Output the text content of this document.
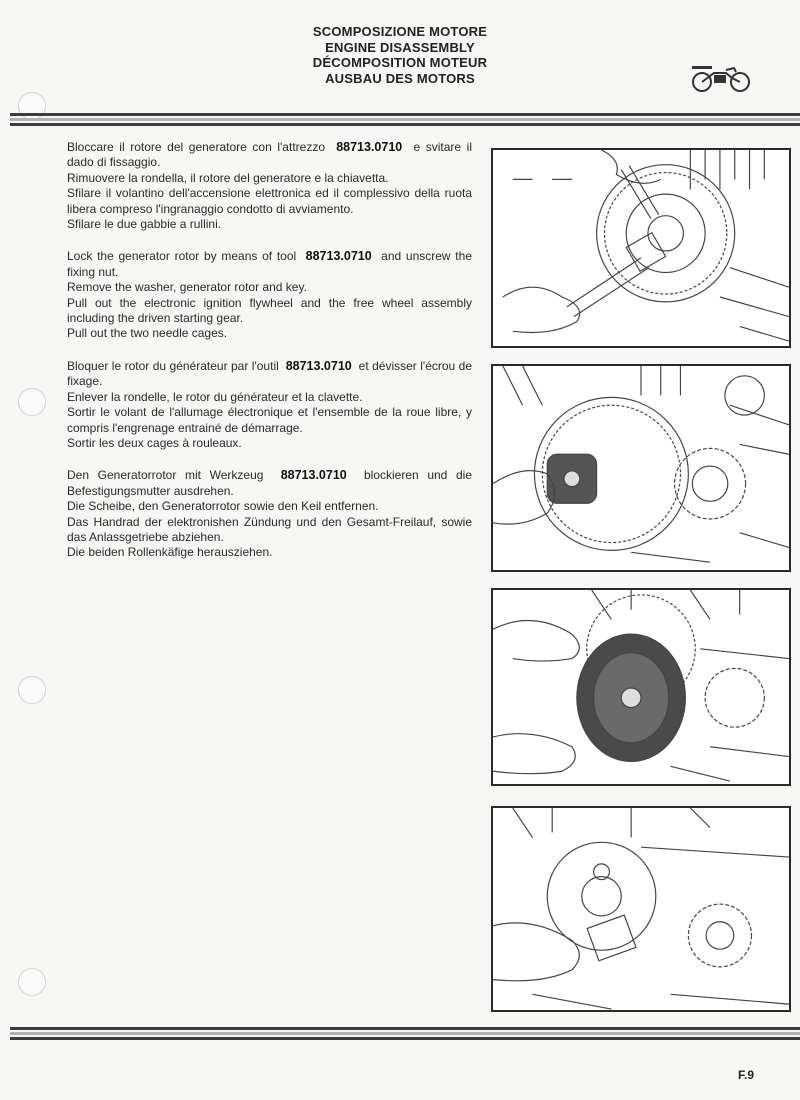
SCOMPOSIZIONE MOTORE
ENGINE DISASSEMBLY
DÉCOMPOSITION MOTEUR
AUSBAU DES MOTORS

Bloccare il rotore del generatore con l'attrezzo 88713.0710 e svitare il dado di fissaggio.
Rimuovere la rondella, il rotore del generatore e la chiavetta.
Sfilare il volantino dell'accensione elettronica ed il complessivo della ruota libera compreso l'ingranaggio condotto di avviamento.
Sfilare le due gabbie a rullini.

Lock the generator rotor by means of tool 88713.0710 and unscrew the fixing nut.
Remove the washer, generator rotor and key.
Pull out the electronic ignition flywheel and the free wheel assembly including the driven starting gear.
Pull out the two needle cages.

Bloquer le rotor du générateur par l'outil 88713.0710 et dévisser l'écrou de fixage.
Enlever la rondelle, le rotor du générateur et la clavette.
Sortir le volant de l'allumage électronique et l'ensemble de la roue libre, y compris l'engrenage entrainé de démarrage.
Sortir les deux cages à rouleaux.

Den Generatorrotor mit Werkzeug 88713.0710 blockieren und die Befestigungsmutter ausdrehen.
Die Scheibe, den Generatorrotor sowie den Keil entfernen.
Das Handrad der elektronishen Zündung und den Gesamt-Freilauf, sowie das Anlassgetriebe abziehen.
Die beiden Rollenkäfige herausziehen.

F.9
